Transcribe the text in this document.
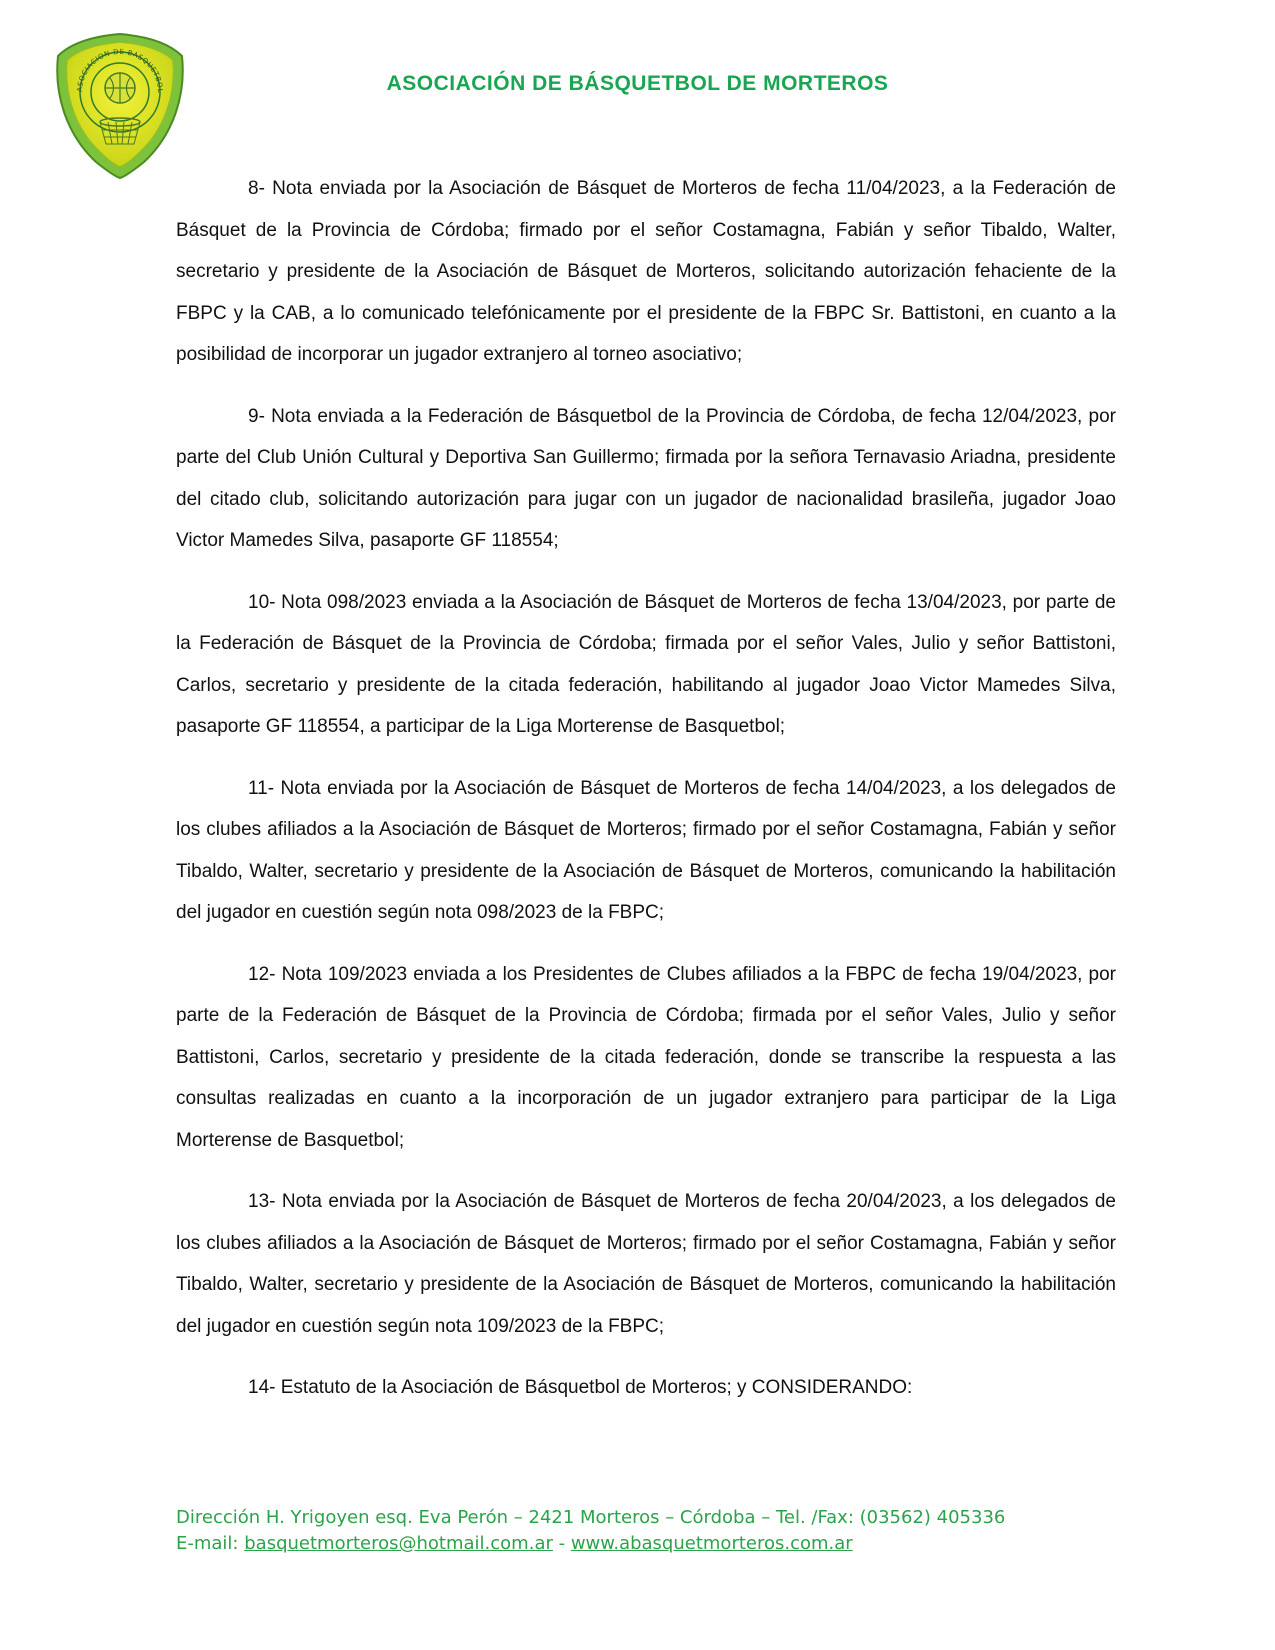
ASOCIACION DE BASQUETBOL	ASOCIACIÓN DE BÁSQUETBOL DE MORTEROS

8- Nota enviada por la Asociación de Básquet de Morteros de fecha 11/04/2023, a la Federación de Básquet de la Provincia de Córdoba; firmado por el señor Costamagna, Fabián y señor Tibaldo, Walter, secretario y presidente de la Asociación de Básquet de Morteros, solicitando autorización fehaciente de la FBPC y la CAB, a lo comunicado telefónicamente por el presidente de la FBPC Sr. Battistoni, en cuanto a la posibilidad de incorporar un jugador extranjero al torneo asociativo;

9- Nota enviada a la Federación de Básquetbol de la Provincia de Córdoba, de fecha 12/04/2023, por parte del Club Unión Cultural y Deportiva San Guillermo; firmada por la señora Ternavasio Ariadna, presidente del citado club, solicitando autorización para jugar con un jugador de nacionalidad brasileña, jugador Joao Victor Mamedes Silva, pasaporte GF 118554;

10- Nota 098/2023 enviada a la Asociación de Básquet de Morteros de fecha 13/04/2023, por parte de la Federación de Básquet de la Provincia de Córdoba; firmada por el señor Vales, Julio y señor Battistoni, Carlos, secretario y presidente de la citada federación, habilitando al jugador Joao Victor Mamedes Silva, pasaporte GF 118554, a participar de la Liga Morterense de Basquetbol;

11- Nota enviada por la Asociación de Básquet de Morteros de fecha 14/04/2023, a los delegados de los clubes afiliados a la Asociación de Básquet de Morteros; firmado por el señor Costamagna, Fabián y señor Tibaldo, Walter, secretario y presidente de la Asociación de Básquet de Morteros, comunicando la habilitación del jugador en cuestión según nota 098/2023 de la FBPC;

12- Nota 109/2023 enviada a los Presidentes de Clubes afiliados a la FBPC de fecha 19/04/2023, por parte de la Federación de Básquet de la Provincia de Córdoba; firmada por el señor Vales, Julio y señor Battistoni, Carlos, secretario y presidente de la citada federación, donde se transcribe la respuesta a las consultas realizadas en cuanto a la incorporación de un jugador extranjero para participar de la Liga Morterense de Basquetbol;

13- Nota enviada por la Asociación de Básquet de Morteros de fecha 20/04/2023, a los delegados de los clubes afiliados a la Asociación de Básquet de Morteros; firmado por el señor Costamagna, Fabián y señor Tibaldo, Walter, secretario y presidente de la Asociación de Básquet de Morteros, comunicando la habilitación del jugador en cuestión según nota 109/2023 de la FBPC;

14- Estatuto de la Asociación de Básquetbol de Morteros; y CONSIDERANDO:

Dirección H. Yrigoyen esq. Eva Perón – 2421 Morteros – Córdoba – Tel. /Fax: (03562) 405336
E-mail: basquetmorteros@hotmail.com.ar - www.abasquetmorteros.com.ar
